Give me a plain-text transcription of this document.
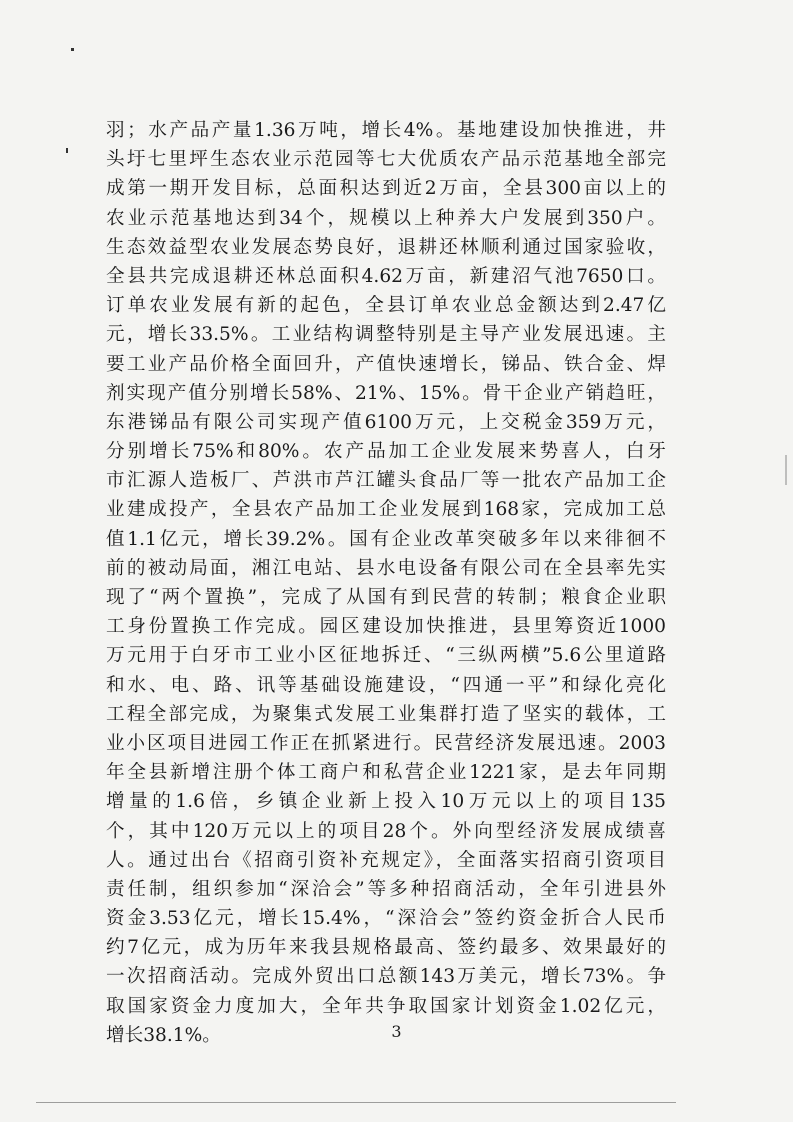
羽；水产品产量1.36万吨，增长4%。基地建设加快推进，井
头圩七里坪生态农业示范园等七大优质农产品示范基地全部完
成第一期开发目标，总面积达到近2万亩，全县300亩以上的
农业示范基地达到34个，规模以上种养大户发展到350户。
生态效益型农业发展态势良好，退耕还林顺利通过国家验收，
全县共完成退耕还林总面积4.62万亩，新建沼气池7650口。
订单农业发展有新的起色，全县订单农业总金额达到2.47亿
元，增长33.5%。工业结构调整特别是主导产业发展迅速。主
要工业产品价格全面回升，产值快速增长，锑品、铁合金、焊
剂实现产值分别增长58%、21%、15%。骨干企业产销趋旺，
东港锑品有限公司实现产值6100万元，上交税金359万元，
分别增长75%和80%。农产品加工企业发展来势喜人，白牙
市汇源人造板厂、芦洪市芦江罐头食品厂等一批农产品加工企
业建成投产，全县农产品加工企业发展到168家，完成加工总
值1.1亿元，增长39.2%。国有企业改革突破多年以来徘徊不
前的被动局面，湘江电站、县水电设备有限公司在全县率先实
现了“两个置换”，完成了从国有到民营的转制；粮食企业职
工身份置换工作完成。园区建设加快推进，县里筹资近1000
万元用于白牙市工业小区征地拆迁、“三纵两横”5.6公里道路
和水、电、路、讯等基础设施建设，“四通一平”和绿化亮化
工程全部完成，为聚集式发展工业集群打造了坚实的载体，工
业小区项目进园工作正在抓紧进行。民营经济发展迅速。2003
年全县新增注册个体工商户和私营企业1221家，是去年同期
增量的1.6倍，乡镇企业新上投入10万元以上的项目135
个，其中120万元以上的项目28个。外向型经济发展成绩喜
人。通过出台《招商引资补充规定》，全面落实招商引资项目
责任制，组织参加“深洽会”等多种招商活动，全年引进县外
资金3.53亿元，增长15.4%，“深洽会”签约资金折合人民币
约7亿元，成为历年来我县规格最高、签约最多、效果最好的
一次招商活动。完成外贸出口总额143万美元，增长73%。争
取国家资金力度加大，全年共争取国家计划资金1.02亿元，
增长38.1%。	3
